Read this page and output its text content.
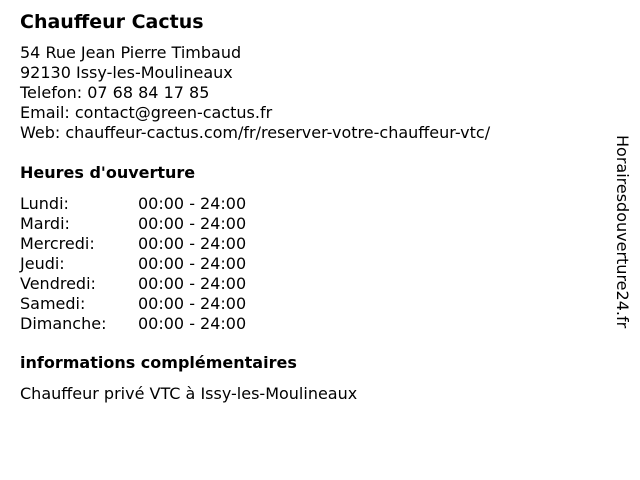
Chauffeur Cactus
54 Rue Jean Pierre Timbaud
92130 Issy-les-Moulineaux
Telefon: 07 68 84 17 85
Email: contact@green-cactus.fr
Web: chauffeur-cactus.com/fr/reserver-votre-chauffeur-vtc/
Heures d'ouverture
Lundi:	00:00 - 24:00
Mardi:	00:00 - 24:00
Mercredi:	00:00 - 24:00
Jeudi:	00:00 - 24:00
Vendredi:	00:00 - 24:00
Samedi:	00:00 - 24:00
Dimanche: 00:00 - 24:00
informations complémentaires
Chauffeur privé VTC à Issy-les-Moulineaux
Horairesdouverture24.fr
